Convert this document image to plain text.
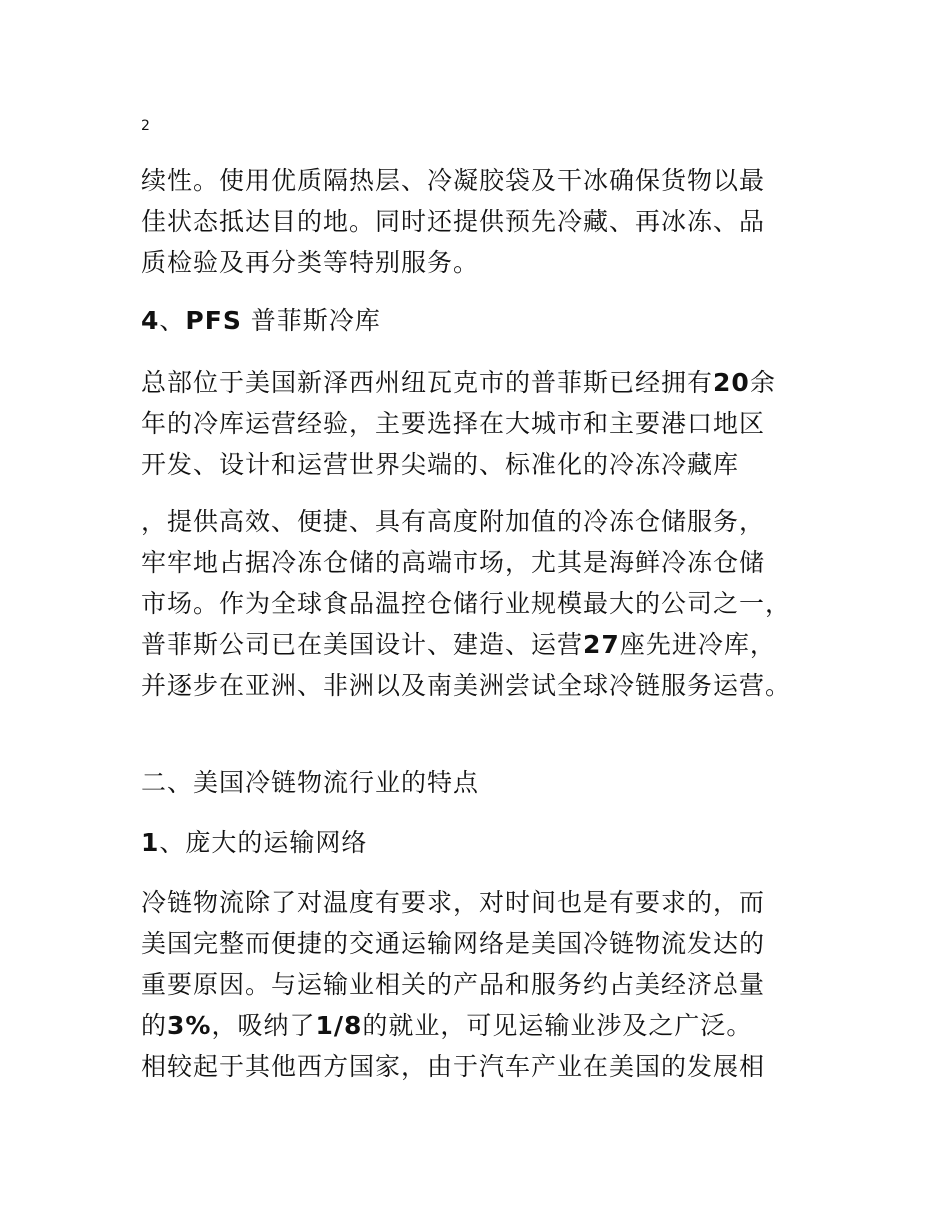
2
续性。使用优质隔热层、冷凝胶袋及干冰确保货物以最
佳状态抵达目的地。同时还提供预先冷藏、再冰冻、品
质检验及再分类等特别服务。
4、PFS 普菲斯冷库
总部位于美国新泽西州纽瓦克市的普菲斯已经拥有20余
年的冷库运营经验，主要选择在大城市和主要港口地区
开发、设计和运营世界尖端的、标准化的冷冻冷藏库
，提供高效、便捷、具有高度附加值的冷冻仓储服务，
牢牢地占据冷冻仓储的高端市场，尤其是海鲜冷冻仓储
市场。作为全球食品温控仓储行业规模最大的公司之一，
普菲斯公司已在美国设计、建造、运营27座先进冷库，
并逐步在亚洲、非洲以及南美洲尝试全球冷链服务运营。
二、美国冷链物流行业的特点
1、庞大的运输网络
冷链物流除了对温度有要求，对时间也是有要求的，而
美国完整而便捷的交通运输网络是美国冷链物流发达的
重要原因。与运输业相关的产品和服务约占美经济总量
的3%，吸纳了1/8的就业，可见运输业涉及之广泛。
相较起于其他西方国家，由于汽车产业在美国的发展相
